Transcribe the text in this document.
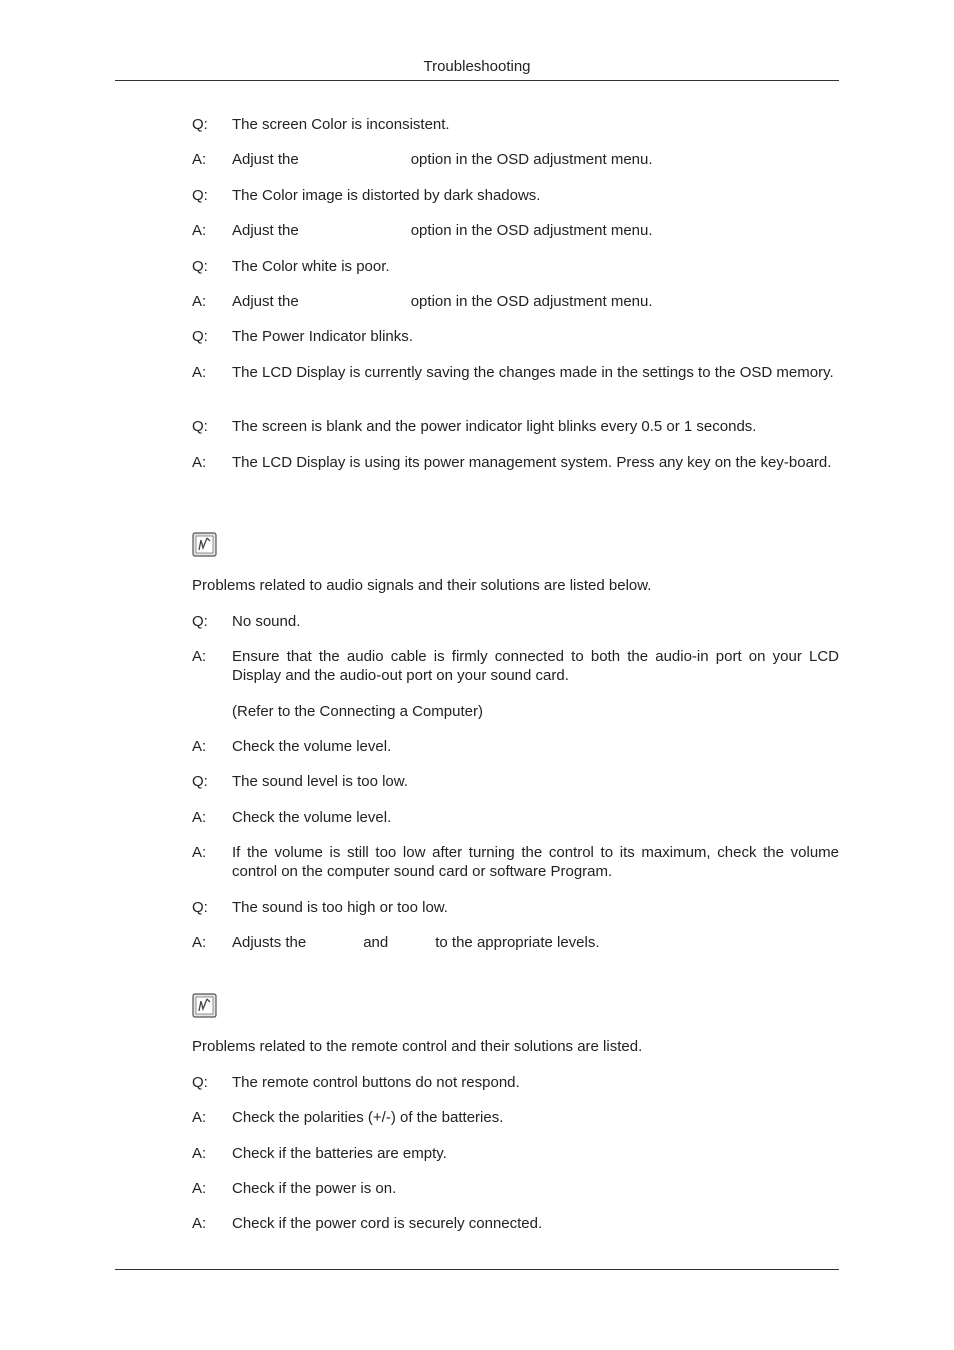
Troubleshooting
Q:	The screen Color is inconsistent.
A:	Adjust the	option in the OSD adjustment menu.
Q:	The Color image is distorted by dark shadows.
A:	Adjust the	option in the OSD adjustment menu.
Q:	The Color white is poor.
A:	Adjust the	option in the OSD adjustment menu.
Q:	The Power Indicator blinks.
A:	The LCD Display is currently saving the changes made in the settings to the OSD memory.
Q:	The screen is blank and the power indicator light blinks every 0.5 or 1 seconds.
A:	The LCD Display is using its power management system. Press any key on the key-board.
Problems related to audio signals and their solutions are listed below.
Q:	No sound.
A:	Ensure that the audio cable is firmly connected to both the audio-in port on your LCD Display and the audio-out port on your sound card.
(Refer to the Connecting a Computer)
A:	Check the volume level.
Q:	The sound level is too low.
A:	Check the volume level.
A:	If the volume is still too low after turning the control to its maximum, check the volume control on the computer sound card or software Program.
Q:	The sound is too high or too low.
A:	Adjusts the	and	to the appropriate levels.
Problems related to the remote control and their solutions are listed.
Q:	The remote control buttons do not respond.
A:	Check the polarities (+/-) of the batteries.
A:	Check if the batteries are empty.
A:	Check if the power is on.
A:	Check if the power cord is securely connected.
